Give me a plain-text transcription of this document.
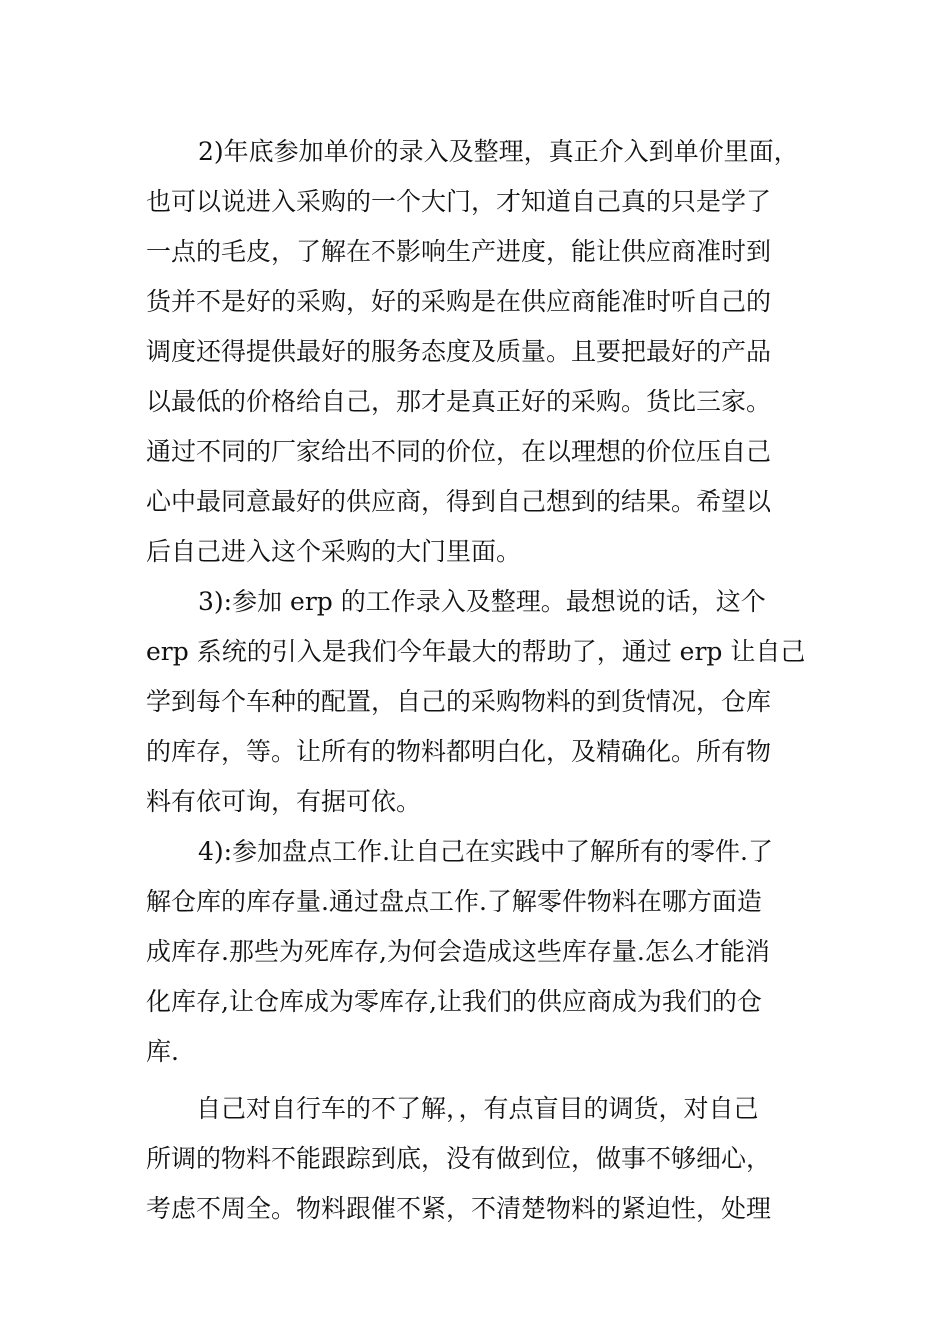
2)年底参加单价的录入及整理，真正介入到单价里面，
也可以说进入采购的一个大门，才知道自己真的只是学了
一点的毛皮，了解在不影响生产进度，能让供应商准时到
货并不是好的采购，好的采购是在供应商能准时听自己的
调度还得提供最好的服务态度及质量。且要把最好的产品
以最低的价格给自己，那才是真正好的采购。货比三家。
通过不同的厂家给出不同的价位，在以理想的价位压自己
心中最同意最好的供应商，得到自己想到的结果。希望以
后自己进入这个采购的大门里面。
3):参加 erp 的工作录入及整理。最想说的话，这个
erp 系统的引入是我们今年最大的帮助了，通过 erp 让自己
学到每个车种的配置，自己的采购物料的到货情况，仓库
的库存，等。让所有的物料都明白化，及精确化。所有物
料有依可询，有据可依。
4):参加盘点工作.让自己在实践中了解所有的零件.了
解仓库的库存量.通过盘点工作.了解零件物料在哪方面造
成库存.那些为死库存,为何会造成这些库存量.怎么才能消
化库存,让仓库成为零库存,让我们的供应商成为我们的仓
库.
自己对自行车的不了解，，有点盲目的调货，对自己
所调的物料不能跟踪到底，没有做到位，做事不够细心，
考虑不周全。物料跟催不紧，不清楚物料的紧迫性，处理
